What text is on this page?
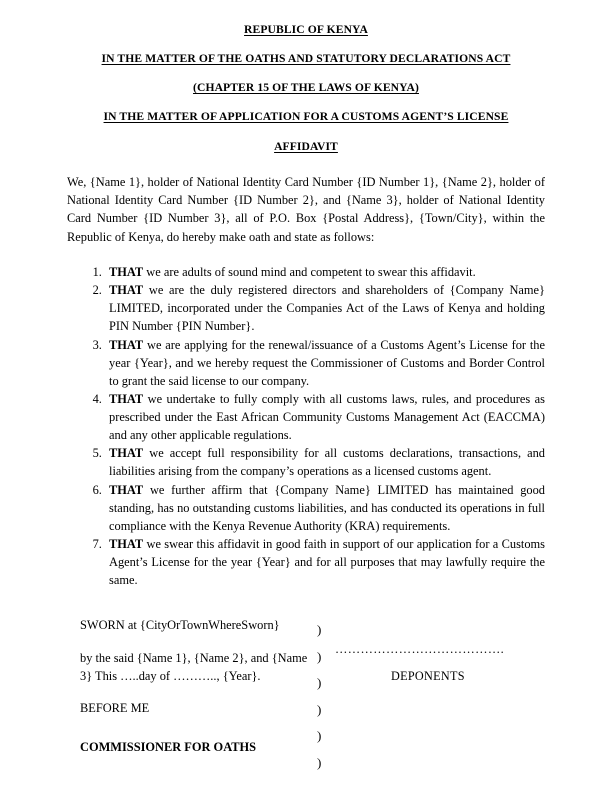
REPUBLIC OF KENYA
IN THE MATTER OF THE OATHS AND STATUTORY DECLARATIONS ACT
(CHAPTER 15 OF THE LAWS OF KENYA)
IN THE MATTER OF APPLICATION FOR A CUSTOMS AGENT’S LICENSE
AFFIDAVIT

We, {Name 1}, holder of National Identity Card Number {ID Number 1}, {Name 2}, holder of National Identity Card Number {ID Number 2}, and {Name 3}, holder of National Identity Card Number {ID Number 3}, all of P.O. Box {Postal Address}, {Town/City}, within the Republic of Kenya, do hereby make oath and state as follows:

1. THAT we are adults of sound mind and competent to swear this affidavit.
2. THAT we are the duly registered directors and shareholders of {Company Name} LIMITED, incorporated under the Companies Act of the Laws of Kenya and holding PIN Number {PIN Number}.
3. THAT we are applying for the renewal/issuance of a Customs Agent’s License for the year {Year}, and we hereby request the Commissioner of Customs and Border Control to grant the said license to our company.
4. THAT we undertake to fully comply with all customs laws, rules, and procedures as prescribed under the East African Community Customs Management Act (EACCMA) and any other applicable regulations.
5. THAT we accept full responsibility for all customs declarations, transactions, and liabilities arising from the company’s operations as a licensed customs agent.
6. THAT we further affirm that {Company Name} LIMITED has maintained good standing, has no outstanding customs liabilities, and has conducted its operations in full compliance with the Kenya Revenue Authority (KRA) requirements.
7. THAT we swear this affidavit in good faith in support of our application for a Customs Agent’s License for the year {Year} and for all purposes that may lawfully require the same.
SWORN at {CityOrTownWhereSworn}
by the said {Name 1}, {Name 2}, and {Name 3} This …..day of ……….., {Year}.
BEFORE ME
COMMISSIONER FOR OATHS
)
)
)
)
)
)
………………………………….
DEPONENTS
